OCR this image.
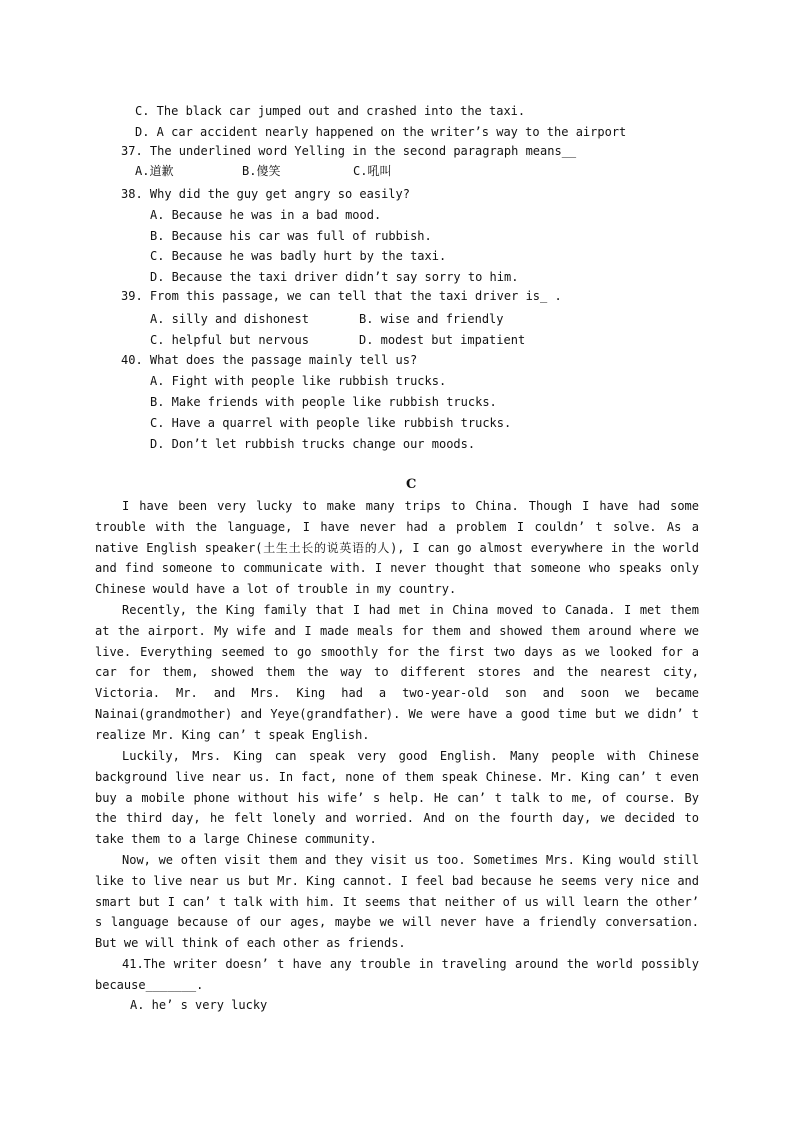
C. The black car jumped out and crashed into the taxi.
D. A car accident nearly happened on the writer’s way to the airport
37. The underlined word Yelling in the second paragraph means__
A.道歉	B.傻笑	C.吼叫
38. Why did the guy get angry so easily?
A. Because he was in a bad mood.
B. Because his car was full of rubbish.
C. Because he was badly hurt by the taxi.
D. Because the taxi driver didn’t say sorry to him.
39. From this passage, we can tell that the taxi driver is_ .
A. silly and dishonest	B. wise and friendly
C. helpful but nervous	D. modest but impatient
40. What does the passage mainly tell us?
A. Fight with people like rubbish trucks.
B. Make friends with people like rubbish trucks.
C. Have a quarrel with people like rubbish trucks.
D. Don’t let rubbish trucks change our moods.
C
I have been very lucky to make many trips to China. Though I have had some trouble with the language, I have never had a problem I couldn’ t solve. As a native English speaker(土生土长的说英语的人), I can go almost everywhere in the world and find someone to communicate with. I never thought that someone who speaks only Chinese would have a lot of trouble in my country.
Recently, the King family that I had met in China moved to Canada. I met them at the airport. My wife and I made meals for them and showed them around where we live. Everything seemed to go smoothly for the first two days as we looked for a car for them, showed them the way to different stores and the nearest city, Victoria. Mr. and Mrs. King had a two-year-old son and soon we became Nainai(grandmother) and Yeye(grandfather). We were have a good time but we didn’ t realize Mr. King can’ t speak English.
Luckily, Mrs. King can speak very good English. Many people with Chinese background live near us. In fact, none of them speak Chinese. Mr. King can’ t even buy a mobile phone without his wife’ s help. He can’ t talk to me, of course. By the third day, he felt lonely and worried. And on the fourth day, we decided to take them to a large Chinese community.
Now, we often visit them and they visit us too. Sometimes Mrs. King would still like to live near us but Mr. King cannot. I feel bad because he seems very nice and smart but I can’ t talk with him. It seems that neither of us will learn the other’ s language because of our ages, maybe we will never have a friendly conversation. But we will think of each other as friends.
41.The writer doesn’ t have any trouble in traveling around the world possibly because_______.
A. he’ s very lucky
